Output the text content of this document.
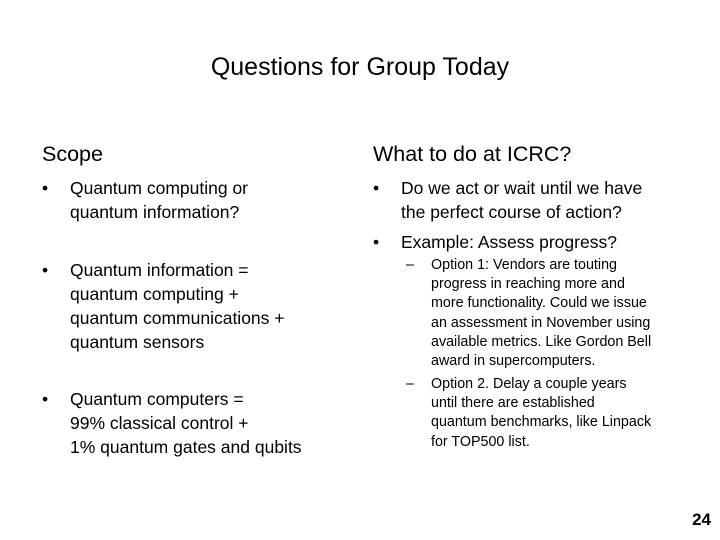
Questions for Group Today
Scope
• Quantum computing or
quantum information?
• Quantum information =
quantum computing +
quantum communications +
quantum sensors
• Quantum computers =
99% classical control +
1% quantum gates and qubits
What to do at ICRC?
• Do we act or wait until we have
the perfect course of action?
• Example: Assess progress?
– Option 1: Vendors are touting
progress in reaching more and
more functionality. Could we issue
an assessment in November using
available metrics. Like Gordon Bell
award in supercomputers.
– Option 2. Delay a couple years
until there are established
quantum benchmarks, like Linpack
for TOP500 list.
24
